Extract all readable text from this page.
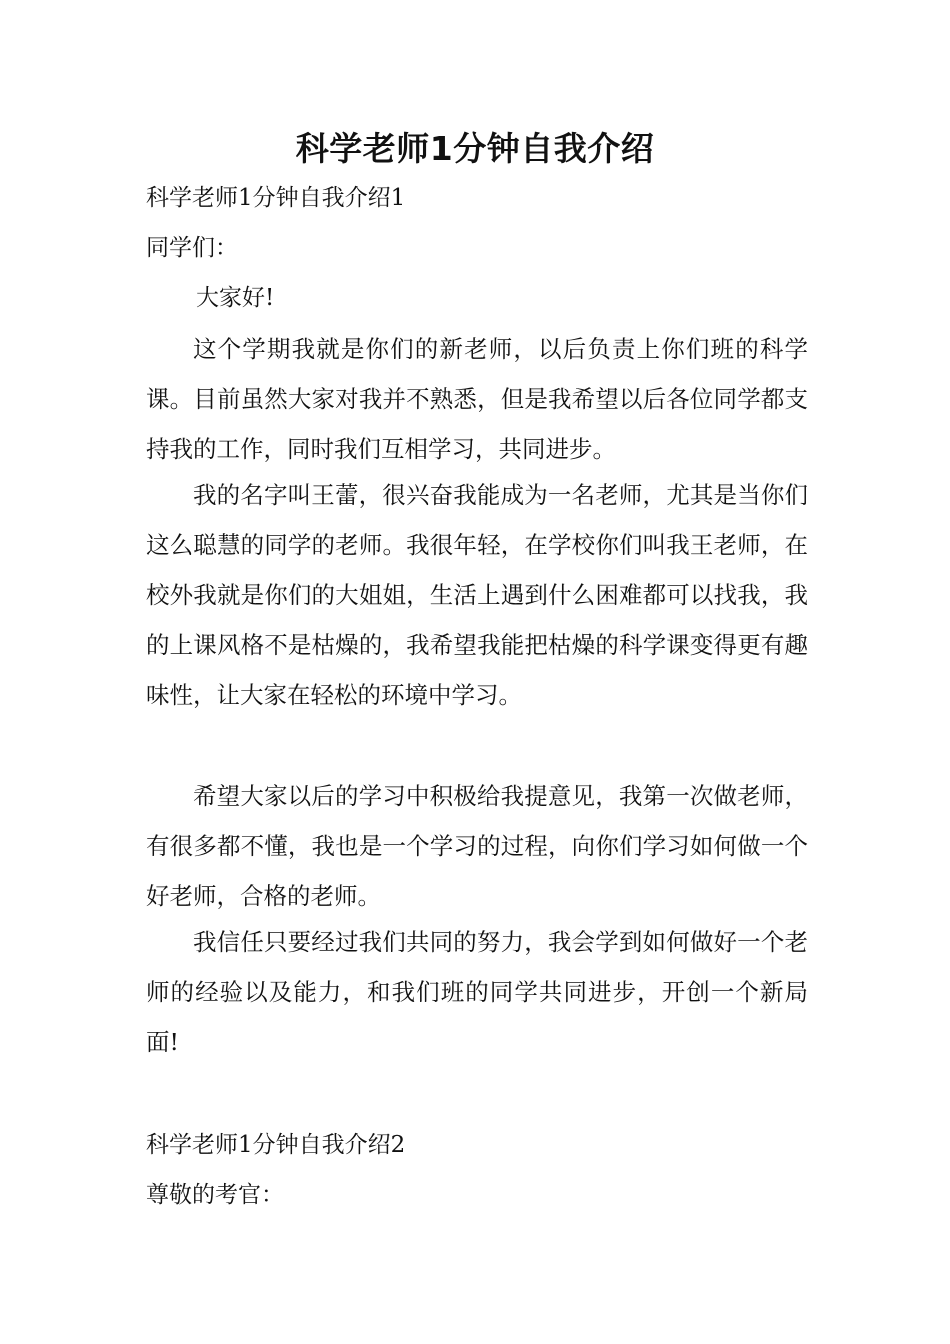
科学老师1分钟自我介绍
科学老师1分钟自我介绍1
同学们：
大家好!

这个学期我就是你们的新老师，以后负责上你们班的科学课。目前虽然大家对我并不熟悉，但是我希望以后各位同学都支持我的工作，同时我们互相学习，共同进步。

我的名字叫王蕾，很兴奋我能成为一名老师，尤其是当你们这么聪慧的同学的老师。我很年轻，在学校你们叫我王老师，在校外我就是你们的大姐姐，生活上遇到什么困难都可以找我，我的上课风格不是枯燥的，我希望我能把枯燥的科学课变得更有趣味性，让大家在轻松的环境中学习。

希望大家以后的学习中积极给我提意见，我第一次做老师，有很多都不懂，我也是一个学习的过程，向你们学习如何做一个好老师，合格的老师。

我信任只要经过我们共同的努力，我会学到如何做好一个老师的经验以及能力，和我们班的同学共同进步，开创一个新局面!

科学老师1分钟自我介绍2
尊敬的考官：
